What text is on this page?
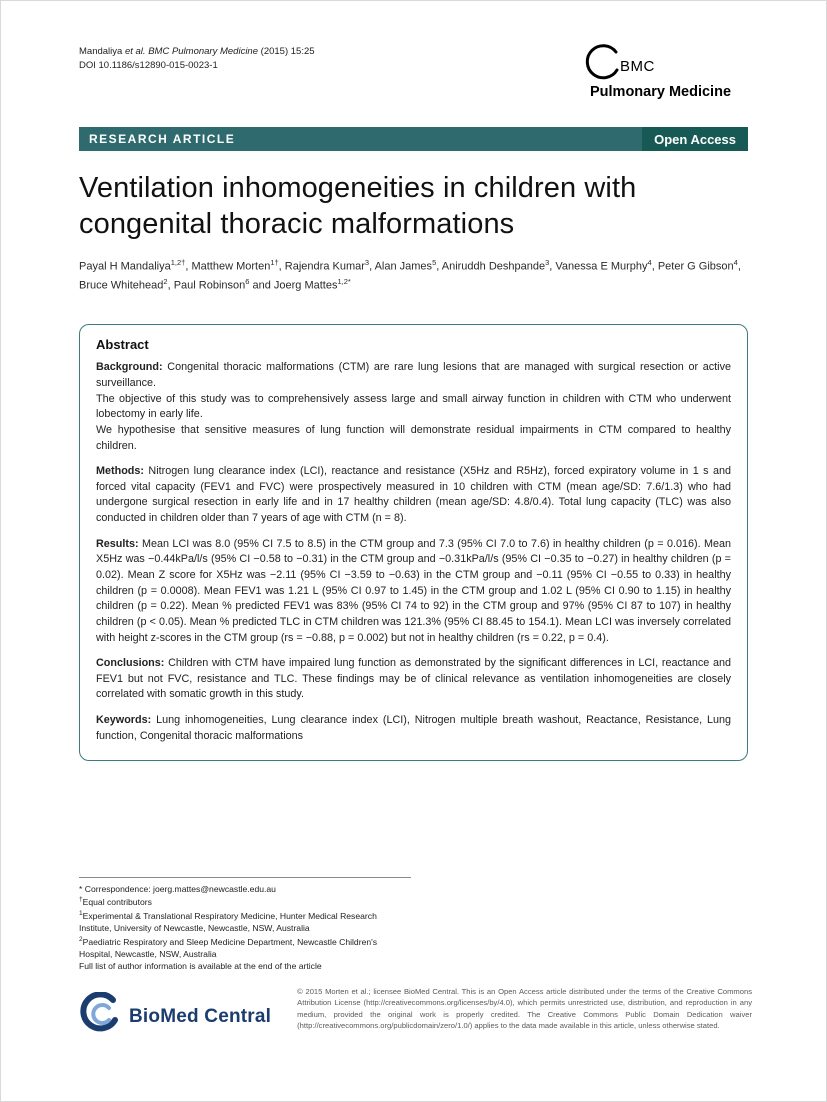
Mandaliya et al. BMC Pulmonary Medicine (2015) 15:25
DOI 10.1186/s12890-015-0023-1	BMC
Pulmonary Medicine
RESEARCH ARTICLE	Open Access
Ventilation inhomogeneities in children with congenital thoracic malformations

Payal H Mandaliya$^{1,2\dagger}$, Matthew Morten$^{1\dagger}$, Rajendra Kumar$^3$, Alan James$^5$, Aniruddh Deshpande$^3$, Vanessa E Murphy$^4$, Peter G Gibson$^4$, Bruce Whitehead$^2$, Paul Robinson$^6$ and Joerg Mattes$^{1,2*}$

Abstract

Background: Congenital thoracic malformations (CTM) are rare lung lesions that are managed with surgical resection or active surveillance.

The objective of this study was to comprehensively assess large and small airway function in children with CTM who underwent lobectomy in early life.

We hypothesise that sensitive measures of lung function will demonstrate residual impairments in CTM compared to healthy children.

Methods: Nitrogen lung clearance index (LCI), reactance and resistance (X5Hz and R5Hz), forced expiratory volume in 1 s and forced vital capacity (FEV1 and FVC) were prospectively measured in 10 children with CTM (mean age/SD: 7.6/1.3) who had undergone surgical resection in early life and in 17 healthy children (mean age/SD: 4.8/0.4). Total lung capacity (TLC) was also conducted in children older than 7 years of age with CTM (n = 8).

Results: Mean LCI was 8.0 (95% CI 7.5 to 8.5) in the CTM group and 7.3 (95% CI 7.0 to 7.6) in healthy children (p = 0.016). Mean X5Hz was −0.44kPa/l/s (95% CI −0.58 to −0.31) in the CTM group and −0.31kPa/l/s (95% CI −0.35 to −0.27) in healthy children (p = 0.02). Mean Z score for X5Hz was −2.11 (95% CI −3.59 to −0.63) in the CTM group and −0.11 (95% CI −0.55 to 0.33) in healthy children (p = 0.0008). Mean FEV1 was 1.21 L (95% CI 0.97 to 1.45) in the CTM group and 1.02 L (95% CI 0.90 to 1.15) in healthy children (p = 0.22). Mean % predicted FEV1 was 83% (95% CI 74 to 92) in the CTM group and 97% (95% CI 87 to 107) in healthy children (p < 0.05). Mean % predicted TLC in CTM children was 121.3% (95% CI 88.45 to 154.1). Mean LCI was inversely correlated with height z-scores in the CTM group (rs = −0.88, p = 0.002) but not in healthy children (rs = 0.22, p = 0.4).

Conclusions: Children with CTM have impaired lung function as demonstrated by the significant differences in LCI, reactance and FEV1 but not FVC, resistance and TLC. These findings may be of clinical relevance as ventilation inhomogeneities are closely correlated with somatic growth in this study.

Keywords: Lung inhomogeneities, Lung clearance index (LCI), Nitrogen multiple breath washout, Reactance, Resistance, Lung function, Congenital thoracic malformations

* Correspondence: joerg.mattes@newcastle.edu.au
†Equal contributors
$^1$Experimental & Translational Respiratory Medicine, Hunter Medical Research Institute, University of Newcastle, Newcastle, NSW, Australia
$^2$Paediatric Respiratory and Sleep Medicine Department, Newcastle Children's Hospital, Newcastle, NSW, Australia
Full list of author information is available at the end of the article
BioMed Central
© 2015 Morten et al.; licensee BioMed Central. This is an Open Access article distributed under the terms of the Creative Commons Attribution License (http://creativecommons.org/licenses/by/4.0), which permits unrestricted use, distribution, and reproduction in any medium, provided the original work is properly credited. The Creative Commons Public Domain Dedication waiver (http://creativecommons.org/publicdomain/zero/1.0/) applies to the data made available in this article, unless otherwise stated.
